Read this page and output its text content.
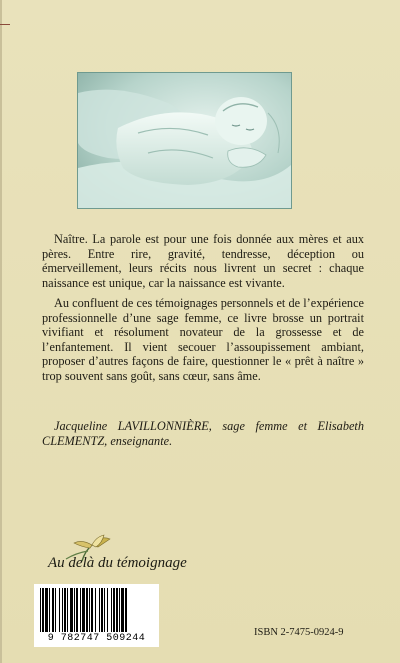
Naître. La parole est pour une fois donnée aux mères et aux pères. Entre rire, gravité, tendresse, déception ou émerveillement, leurs récits nous livrent un secret : chaque naissance est unique, car la naissance est vivante.

Au confluent de ces témoignages personnels et de l’expérience professionnelle d’une sage femme, ce livre brosse un portrait vivifiant et résolument novateur de la grossesse et de l’enfantement. Il vient secouer l’assoupissement ambiant, proposer d’autres façons de faire, questionner le « prêt à naître » trop souvent sans goût, sans cœur, sans âme.

Jacqueline LAVILLONNIÈRE, sage femme et Elisabeth CLEMENTZ, enseignante.

Au delà du témoignage
9 782747 509244
ISBN 2-7475-0924-9
